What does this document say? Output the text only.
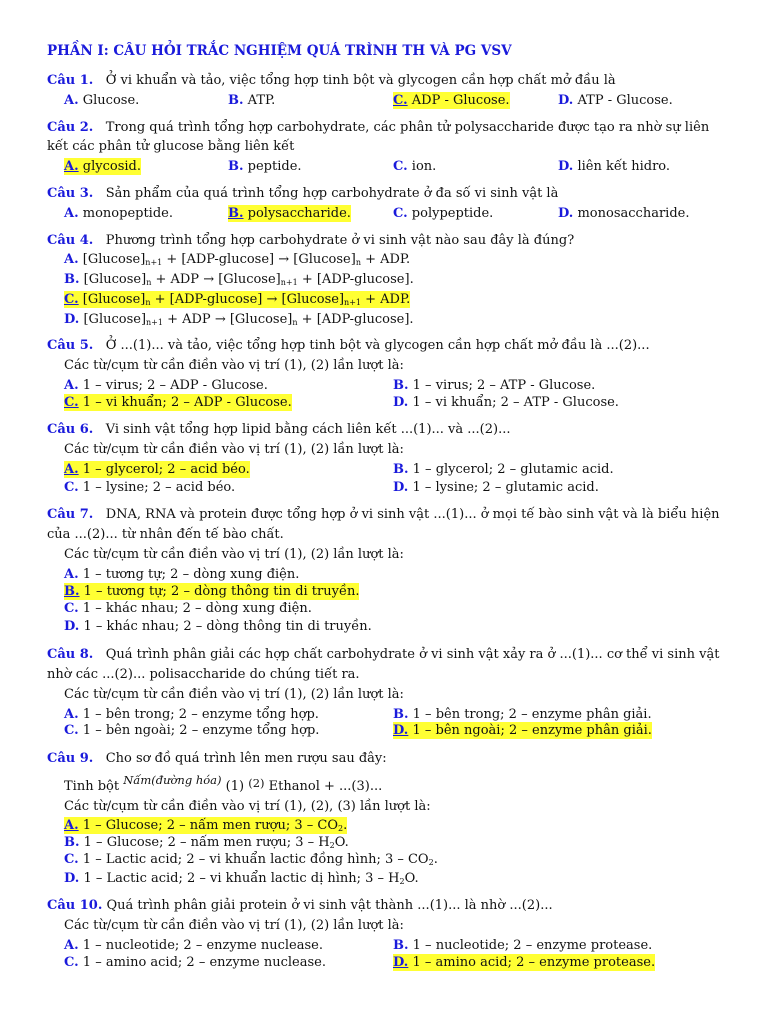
PHẦN I: CÂU HỎI TRẮC NGHIỆM QUÁ TRÌNH TH VÀ PG VSV
Câu 1. Ở vi khuẩn và tảo, việc tổng hợp tinh bột và glycogen cần hợp chất mở đầu là
A. Glucose.	B. ATP.	C. ADP - Glucose.	D. ATP - Glucose.
Câu 2. Trong quá trình tổng hợp carbohydrate, các phân tử polysaccharide được tạo ra nhờ sự liên
kết các phân tử glucose bằng liên kết
A. glycosid.	B. peptide.	C. ion.	D. liên kết hidro.
Câu 3. Sản phẩm của quá trình tổng hợp carbohydrate ở đa số vi sinh vật là
A. monopeptide.	B. polysaccharide.	C. polypeptide.	D. monosaccharide.
Câu 4. Phương trình tổng hợp carbohydrate ở vi sinh vật nào sau đây là đúng?
A. $[Glucose]_{n+1} + [ADP-glucose] \to [Glucose]_n$ + ADP.
B. $[Glucose]_n$ + ADP → $[Glucose]_{n+1} + [ADP-glucose]$.
C. $[Glucose]_n + [ADP-glucose] \to [Glucose]_{n+1}$ + ADP.
D. $[Glucose]_{n+1}$ + ADP → $[Glucose]_n + [ADP-glucose]$.
Câu 5. Ở ...(1)... và tảo, việc tổng hợp tinh bột và glycogen cần hợp chất mở đầu là ...(2)...
Các từ/cụm từ cần điền vào vị trí (1), (2) lần lượt là:
A. 1 – virus; 2 – ADP - Glucose.	B. 1 – virus; 2 – ATP - Glucose.
C. 1 – vi khuẩn; 2 – ADP - Glucose.	D. 1 – vi khuẩn; 2 – ATP - Glucose.
Câu 6. Vi sinh vật tổng hợp lipid bằng cách liên kết ...(1)... và ...(2)...
Các từ/cụm từ cần điền vào vị trí (1), (2) lần lượt là:
A. 1 – glycerol; 2 – acid béo.	B. 1 – glycerol; 2 – glutamic acid.
C. 1 – lysine; 2 – acid béo.	D. 1 – lysine; 2 – glutamic acid.
Câu 7. DNA, RNA và protein được tổng hợp ở vi sinh vật ...(1)... ở mọi tế bào sinh vật và là biểu hiện
của ...(2)... từ nhân đến tế bào chất.
Các từ/cụm từ cần điền vào vị trí (1), (2) lần lượt là:
A. 1 – tương tự; 2 – dòng xung điện.
B. 1 – tương tự; 2 – dòng thông tin di truyền.
C. 1 – khác nhau; 2 – dòng xung điện.
D. 1 – khác nhau; 2 – dòng thông tin di truyền.
Câu 8. Quá trình phân giải các hợp chất carbohydrate ở vi sinh vật xảy ra ở ...(1)... cơ thể vi sinh vật
nhờ các ...(2)... polisaccharide do chúng tiết ra.
Các từ/cụm từ cần điền vào vị trí (1), (2) lần lượt là:
A. 1 – bên trong; 2 – enzyme tổng hợp.	B. 1 – bên trong; 2 – enzyme phân giải.
C. 1 – bên ngoài; 2 – enzyme tổng hợp.	D. 1 – bên ngoài; 2 – enzyme phân giải.
Câu 9. Cho sơ đồ quá trình lên men rượu sau đây:
Tinh bột Nấm(đường hóa) (1) (2) Ethanol + ...(3)...
Các từ/cụm từ cần điền vào vị trí (1), (2), (3) lần lượt là:
A. 1 – Glucose; 2 – nấm men rượu; $3 - CO_2$.
B. 1 – Glucose; 2 – nấm men rượu; $3 - H_2O$.
C. 1 – Lactic acid; 2 – vi khuẩn lactic đồng hình; $3 - CO_2$.
D. 1 – Lactic acid; 2 – vi khuẩn lactic dị hình; $3 - H_2O$.
Câu 10. Quá trình phân giải protein ở vi sinh vật thành ...(1)... là nhờ ...(2)...
Các từ/cụm từ cần điền vào vị trí (1), (2) lần lượt là:
A. 1 – nucleotide; 2 – enzyme nuclease.	B. 1 – nucleotide; 2 – enzyme protease.
C. 1 – amino acid; 2 – enzyme nuclease.	D. 1 – amino acid; 2 – enzyme protease.
